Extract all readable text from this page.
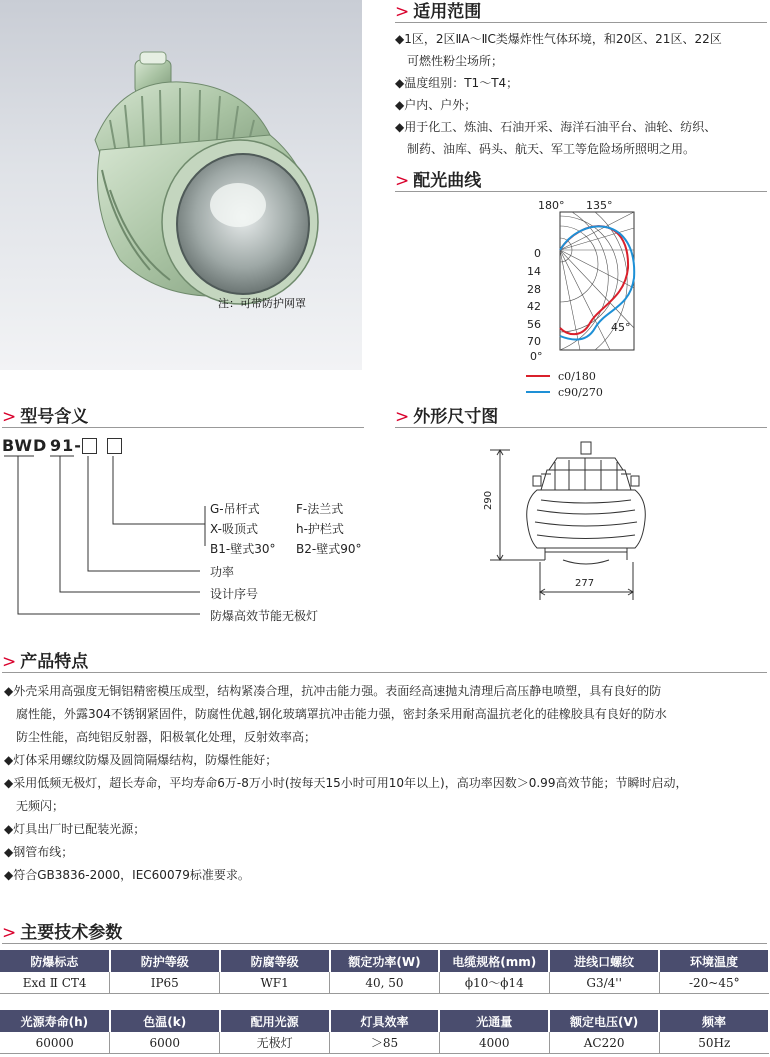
注：可带防护网罩
> 适用范围

◆1区，2区ⅡA～ⅡC类爆炸性气体环境，和20区、21区、22区

可燃性粉尘场所；

◆温度组别：T1～T4；

◆户内、户外；

◆用于化工、炼油、石油开采、海洋石油平台、油轮、纺织、

制药、油库、码头、航天、军工等危险场所照明之用。

> 配光曲线
180° 135°
45°
0°
0
14
28
42
56
70
c0/180
c90/270
> 型号含义
BWD 91-
G-吊杆式	F-法兰式
X-吸顶式	h-护栏式
B1-壁式30° B2-壁式90°
功率
设计序号
防爆高效节能无极灯
> 外形尺寸图
290
277
> 产品特点

◆外壳采用高强度无铜铝精密模压成型，结构紧凑合理，抗冲击能力强。表面经高速抛丸清理后高压静电喷塑，具有良好的防

腐性能，外露304不锈钢紧固件，防腐性优越,钢化玻璃罩抗冲击能力强，密封条采用耐高温抗老化的硅橡胶具有良好的防水

防尘性能，高纯铝反射器，阳极氧化处理，反射效率高；

◆灯体采用螺纹防爆及圆筒隔爆结构，防爆性能好；

◆采用低频无极灯，超长寿命，平均寿命6万-8万小时(按每天15小时可用10年以上)，高功率因数＞0.99高效节能；节瞬时启动，

无频闪；

◆灯具出厂时已配装光源；

◆钢管布线；

◆符合GB3836-2000，IEC60079标准要求。

> 主要技术参数
防爆标志	防护等级	防腐等级	额定功率(W)	电缆规格(mm)	进线口螺纹	环境温度
Exd Ⅱ CT4	IP65	WF1	40, 50	ϕ10～ϕ14	G3/4''	-20~45°
光源寿命(h)	色温(k)	配用光源	灯具效率	光通量	额定电压(V)	频率
60000	6000	无极灯	＞85	4000	AC220	50Hz
